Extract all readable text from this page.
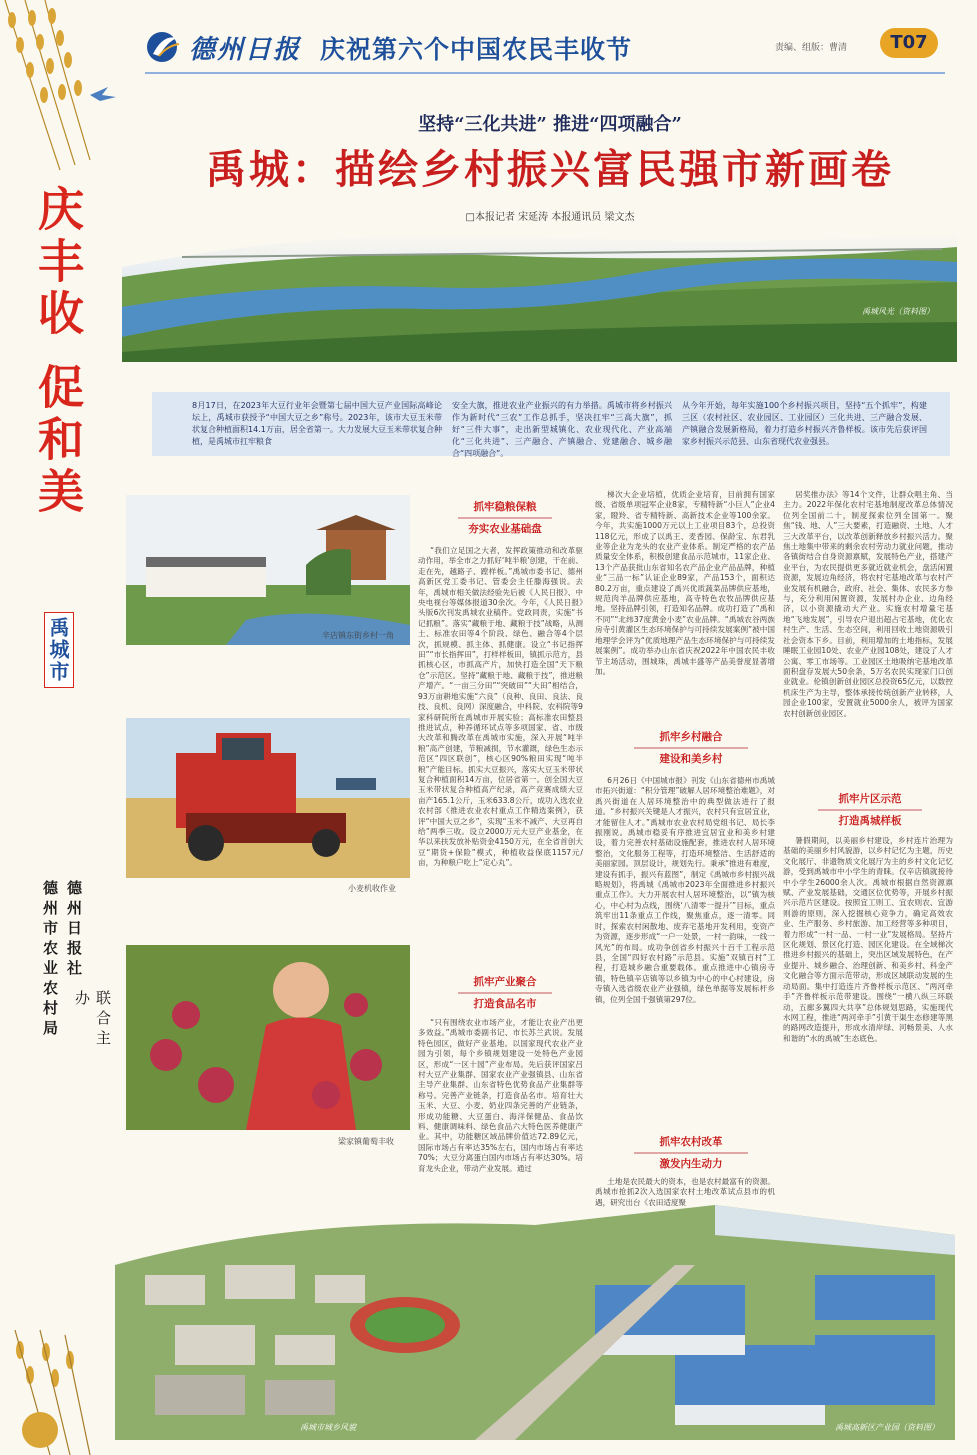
德州日报 庆祝第六个中国农民丰收节	责编、组版：曹清	T07
庆丰收 促和美
禹城市
德州日报社
德州市农业农村局	联合主办
坚持“三化共进” 推进“四项融合”
禹城：描绘乡村振兴富民强市新画卷
□本报记者 宋延涛 本报通讯员 梁文杰
禹城风光（资料图）
8月17日，在2023年大豆行业年会暨第七届中国大豆产业国际高峰论坛上，禹城市获授予“中国大豆之乡”称号。2023年，该市大豆玉米带状复合种植面积14.1万亩，居全省第一。大力发展大豆玉米带状复合种植，是禹城市扛牢粮食
安全大旗，推进农业产业振兴的有力举措。禹城市将乡村振兴作为新时代“三农”工作总抓手，坚决扛牢“三高大旗”，抓好“三件大事”，走出新型城镇化、农业现代化、产业高端化“三化共进”、三产融合、产镇融合、党建融合、城乡融合“四项融合”。
从今年开始，每年实施100个乡村振兴项目，坚持“五个抓牢”，构建三区（农村社区、农业园区、工业园区）三化共进、三产融合发展、产镇融合发展新格局，着力打造乡村振兴齐鲁样板。该市先后获评国家乡村振兴示范县、山东省现代农业强县。
辛店镇东街乡村一角
小麦机收作业
梁家镇葡萄丰收
抓牢稳粮保粮
夯实农业基础盘
抓牢产业聚合
打造食品名市
抓牢乡村融合
建设和美乡村
抓牢农村改革
激发内生动力
抓牢片区示范
打造禹城样板
“我们立足国之大者，发挥政策推动和改革驱动作用，举全市之力抓好‘吨半粮’创建，干在前、走在先，越路子、蹚样板。”禹城市委书记、德州高新区党工委书记、管委会主任滕海强说。去年，禹城市相关做法经验先后被《人民日报》、中央电视台等媒体报道30余次。今年，《人民日报》头版6次刊发禹城农业稿件。党政同责，实施“书记抓粮”。落实“藏粮于地、藏粮于技”战略，从测土、标准农田等4个阶段、绿色、融合等4个层次，抓规模、抓主体、抓健康。设立“书记指挥田”“市长指挥田”，打样样板田，镇抓示范方，县抓核心区，市抓高产片，加快打造全国“天下粮仓”示范区。坚持“藏粮于地、藏粮于技”，推进粮产增产。“一亩三分田”“突破田”“大田”相结合，93万亩耕地实施“六良”（良种、良田、良法、良技、良机、良网）深度融合，中科院、农科院等9家科研院所在禹城市开展实验；高标准农田整县推进试点，种养循环试点等多项国家、省、市级大改革和腾改革在禹城市实施，深入开展“吨半粮”高产创建，节粮减损，节水灌溉，绿色生态示范区“四区联创”，核心区90%粮田实现“吨半粮”产能目标。抓实大豆振兴，落实大豆玉米带状复合种植面积14万亩，位居省第一。创全国大豆玉米带状复合种植高产纪录，高产竞赛成绩大豆亩产165.1公斤，玉米633.8公斤，成功入选农业农村部《推进农业农村重点工作精选案例》，获评“中国大豆之乡”，实现“玉米不减产、大豆再自给”两季三收。设立2000万元大豆产业基金，在华以来扶发放补贴资金4150万元，在全省首创大豆“期货+保险”模式，种植收益保底1157元/亩，为种粮户吃上“定心丸”。
“只有围绕农业市场产业，才能让农业产出更多效益。”禹城市委副书记、市长苏兰武说。发展特色园区，做好产业基地。以国家现代农业产业园为引领，每个乡镇规划建设一处特色产业园区，形成“一区十园”产业布局。先后获评国家吕村大豆产业集群、国家农业产业强镇县、山东省主导产业集群、山东省特色优势食品产业集群等称号。完善产业链条，打造食品名市。培育壮大玉米、大豆、小麦、奶业四条完善的产业链条，形成功能糖、大豆蛋白、海洋保健品、食品饮料、健康调味料、绿色食品六大特色医养健康产业。其中，功能糖区域品牌价值达72.89亿元，国际市场占有率达35%左右，国内市场占有率达70%；大豆分离蛋白国内市场占有率达30%。培育龙头企业，带动产业发展。通过
梯次大企业培植，优质企业培育，目前拥有国家级、省级单项冠军企业8家，专精特新“小巨人”企业4家，瞪羚、省专精特新、高新技术企业等100余家。今年，共实施1000万元以上工业项目83个，总投资118亿元，形成了以禹王、麦香园、保龄宝、东君乳业等企业为龙头的农业产业体系。制定严格的农产品质量安全体系，积极创建食品示范城市，11家企业、13个产品获批山东省知名农产品企业产品品牌，种植业“三品一标”认证企业89家，产品153个，面积达80.2万亩，重点建设了禹兴优质蔬菜品牌供应基地，规范肉羊品牌供应基地，高寺特色农牧品牌供应基地。坚持品牌引领，打造知名品牌。成功打造了“禹和不同”“北纬37度黄金小麦”农业品牌。“禹城农谷两族房寺引黄灌区生态环境保护与可持续发展案例”被中国地理学会评为“优质地理产品生态环境保护与可持续发展案例”。成功举办山东省庆祝2022年中国农民丰收节主场活动，围城珠，禹城丰盛等产品美誉度显著增加。
6月26日《中国城市报》刊发《山东省德州市禹城市拓兴街道：“积分管理”破解人居环境整治难题》，对禹兴街道在人居环境整治中的典型做法进行了报道。“乡村振兴关键是人才振兴，农村只有宜居宜业，才能留住人才。”禹城市农业农村局党组书记、局长李振刚说。禹城市稳妥有序推进宜居宜业和美乡村建设，着力完善农村基础设施配套，推进农村人居环境整治，文化服务工程等，打造环境整洁、生活舒适的美丽家园。顶层设计，规划先行。秉承“推进有难度，建设有抓手，振兴有蓝图”，制定《禹城市乡村振兴战略规划》，将禹城《禹城市2023年全面推进乡村振兴重点工作》。大力开展农村人居环境整治，以“镇为核心，中心村为点线，围绕‘八清零一提升’”目标，重点筑牢出11条重点工作线，聚焦重点，逐一清零。同时，探索农村闲散地、废弃宅基地开发利用，变资产为资源，逐步形成“一户一处景，一村一韵味，一线一风光”的布局。成功争创省乡村振兴十百千工程示范县，全国“四好农村路”示范县。实施“双镇百村”工程，打造城乡融合重要载体。重点推进中心镇房寺镇，特色镇辛店镇等以乡镇为中心的中心村建设，房寺镇入选省级农业产业强镇，绿色单据等发展标杆乡镇，位列全国千强镇第297位。
土地是农民最大的资本，也是农村最富有的资源。禹城市抢抓2次入选国家农村土地改革试点县市的机遇，研究出台《农田适度聚
居奖推办法》等14个文件，让群众唱主角、当主力。2022年保化农村宅基地制度改革总体情况位列全国前二十，制度探索位列全国第一。聚焦“钱、地、人”三大要素，打造融资、土地、人才三大改革平台，以改革创新释放乡村振兴活力。聚焦土地集中带来的剩余农村劳动力就业问题，推动各镇街结合自身资源禀赋，发展特色产业，搭建产业平台，为农民提供更多就近就业机会，盘活闲置资源，发展边角经济，将农村宅基地改革与农村产业发展有机融合，政府、社会、集体、农民多方参与，充分利用闲置资源，发展村办企业、边角经济，以小资源撬动大产业。实施农村增量宅基地“飞地发展”，引导农户退出超占宅基地，优化农村生产、生活、生态空间，利用回收土地资源吸引社会资本下乡。目前，利用增加的土地指标，发展睡眠工业园10处、农业产业园108处，建设了人才公寓、零工市场等。工业园区土地吸纳宅基地改革面积盘存发展大50余条，5万名农民实现家门口创业就业。伦镇创新创业园区总投资65亿元，以数控机床生产为主导，整体承接传统创新产业转移，人园企业100家，安置就业5000余人，被评为国家农村创新创业园区。
暑假期间，以美丽乡村建设，乡村连片治理为基础的美丽乡村风貌游，以乡村记忆为主题，历史文化展厅、非遗物质文化展厅为主的乡村文化记忆游，受到禹城市中小学生的青睐。仅辛店镇就接待中小学生26000余人次。禹城市根据自然资源禀赋、产业发展基础，交通区位优势等，开展乡村振兴示范片区建设。按照宜工则工、宜农则农、宜游则游的原则，深入挖掘核心竞争力，确定高效农业、生产服务、乡村旅游、加工经营等多种项目，着力形成“一村一品、一村一业”发展格局。坚持片区化规划、景区化打造、园区化建设。在全域梯次推进乡村振兴的基础上，突出区域发展特色，在产业提升、城乡融合、治理创新、和美乡村、科金产文化融合等方面示范带动，形成区域联动发展的生动局面。集中打造连片齐鲁样板示范区、“两河牵手”齐鲁样板示范带建设。围绕“一横八纵三环联动，五廊多翼四大共享”总体规划思路，实施现代水网工程，推进“两河牵手”引黄干渠生态修建等黑的路网改造提升，形成水清岸绿、河畅景美、人水和谐的“水的禹城”生态底色。
禹城市城乡风貌	禹城高新区产业园（资料图）
